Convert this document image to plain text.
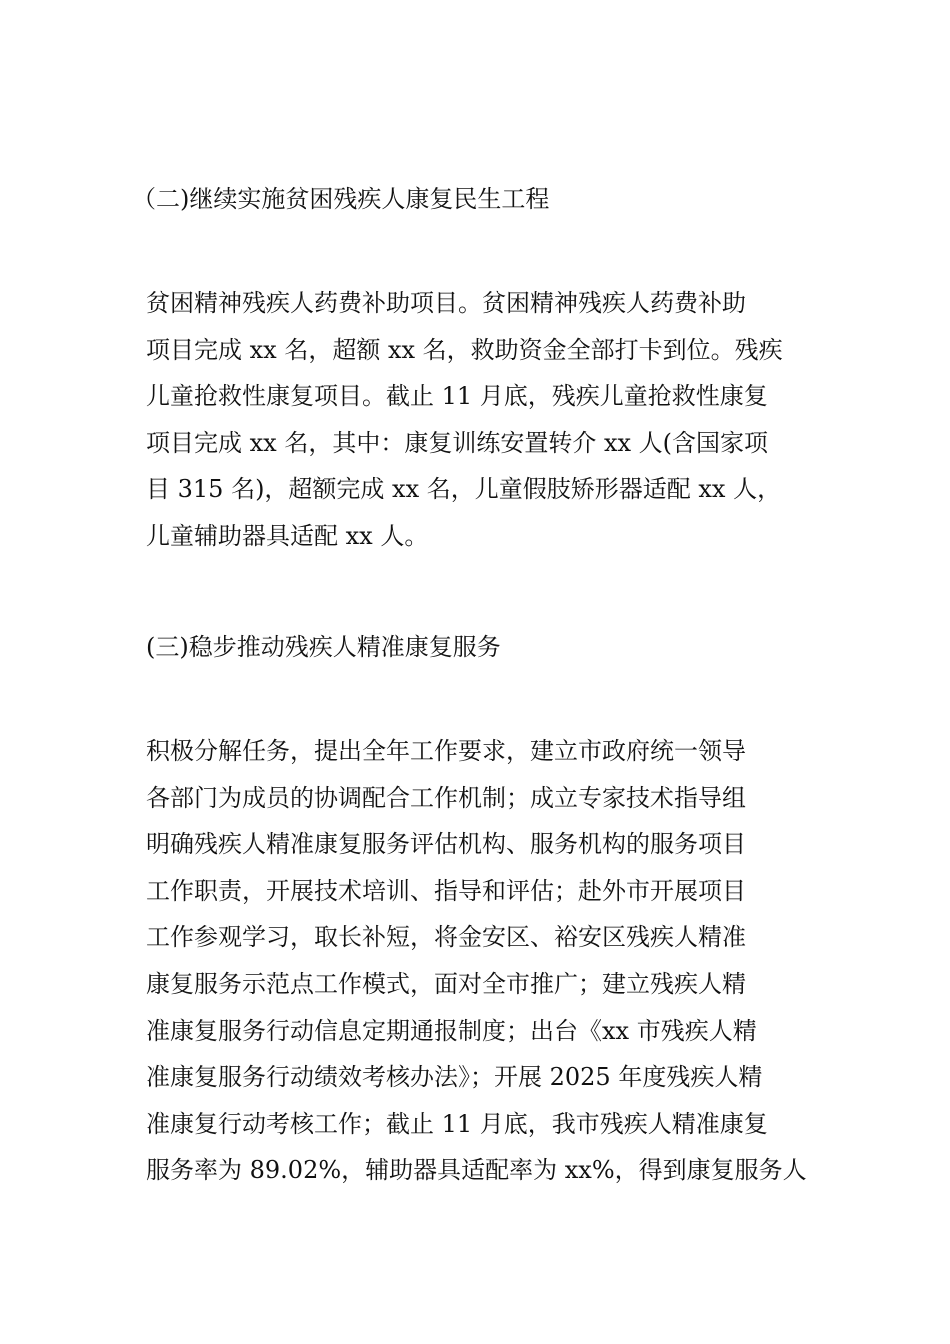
（二)继续实施贫困残疾人康复民生工程
贫困精神残疾人药费补助项目。贫困精神残疾人药费补助
项目完成 xx 名，超额 xx 名，救助资金全部打卡到位。残疾
儿童抢救性康复项目。截止 11 月底，残疾儿童抢救性康复
项目完成 xx 名，其中：康复训练安置转介 xx 人(含国家项
目 315 名)，超额完成 xx 名，儿童假肢矫形器适配 xx 人，
儿童辅助器具适配 xx 人。
(三)稳步推动残疾人精准康复服务
积极分解任务，提出全年工作要求，建立市政府统一领导
各部门为成员的协调配合工作机制；成立专家技术指导组
明确残疾人精准康复服务评估机构、服务机构的服务项目
工作职责，开展技术培训、指导和评估；赴外市开展项目
工作参观学习，取长补短，将金安区、裕安区残疾人精准
康复服务示范点工作模式，面对全市推广；建立残疾人精
准康复服务行动信息定期通报制度；出台《xx 市残疾人精
准康复服务行动绩效考核办法》；开展 2025 年度残疾人精
准康复行动考核工作；截止 11 月底，我市残疾人精准康复
服务率为 89.02%，辅助器具适配率为 xx%，得到康复服务人
